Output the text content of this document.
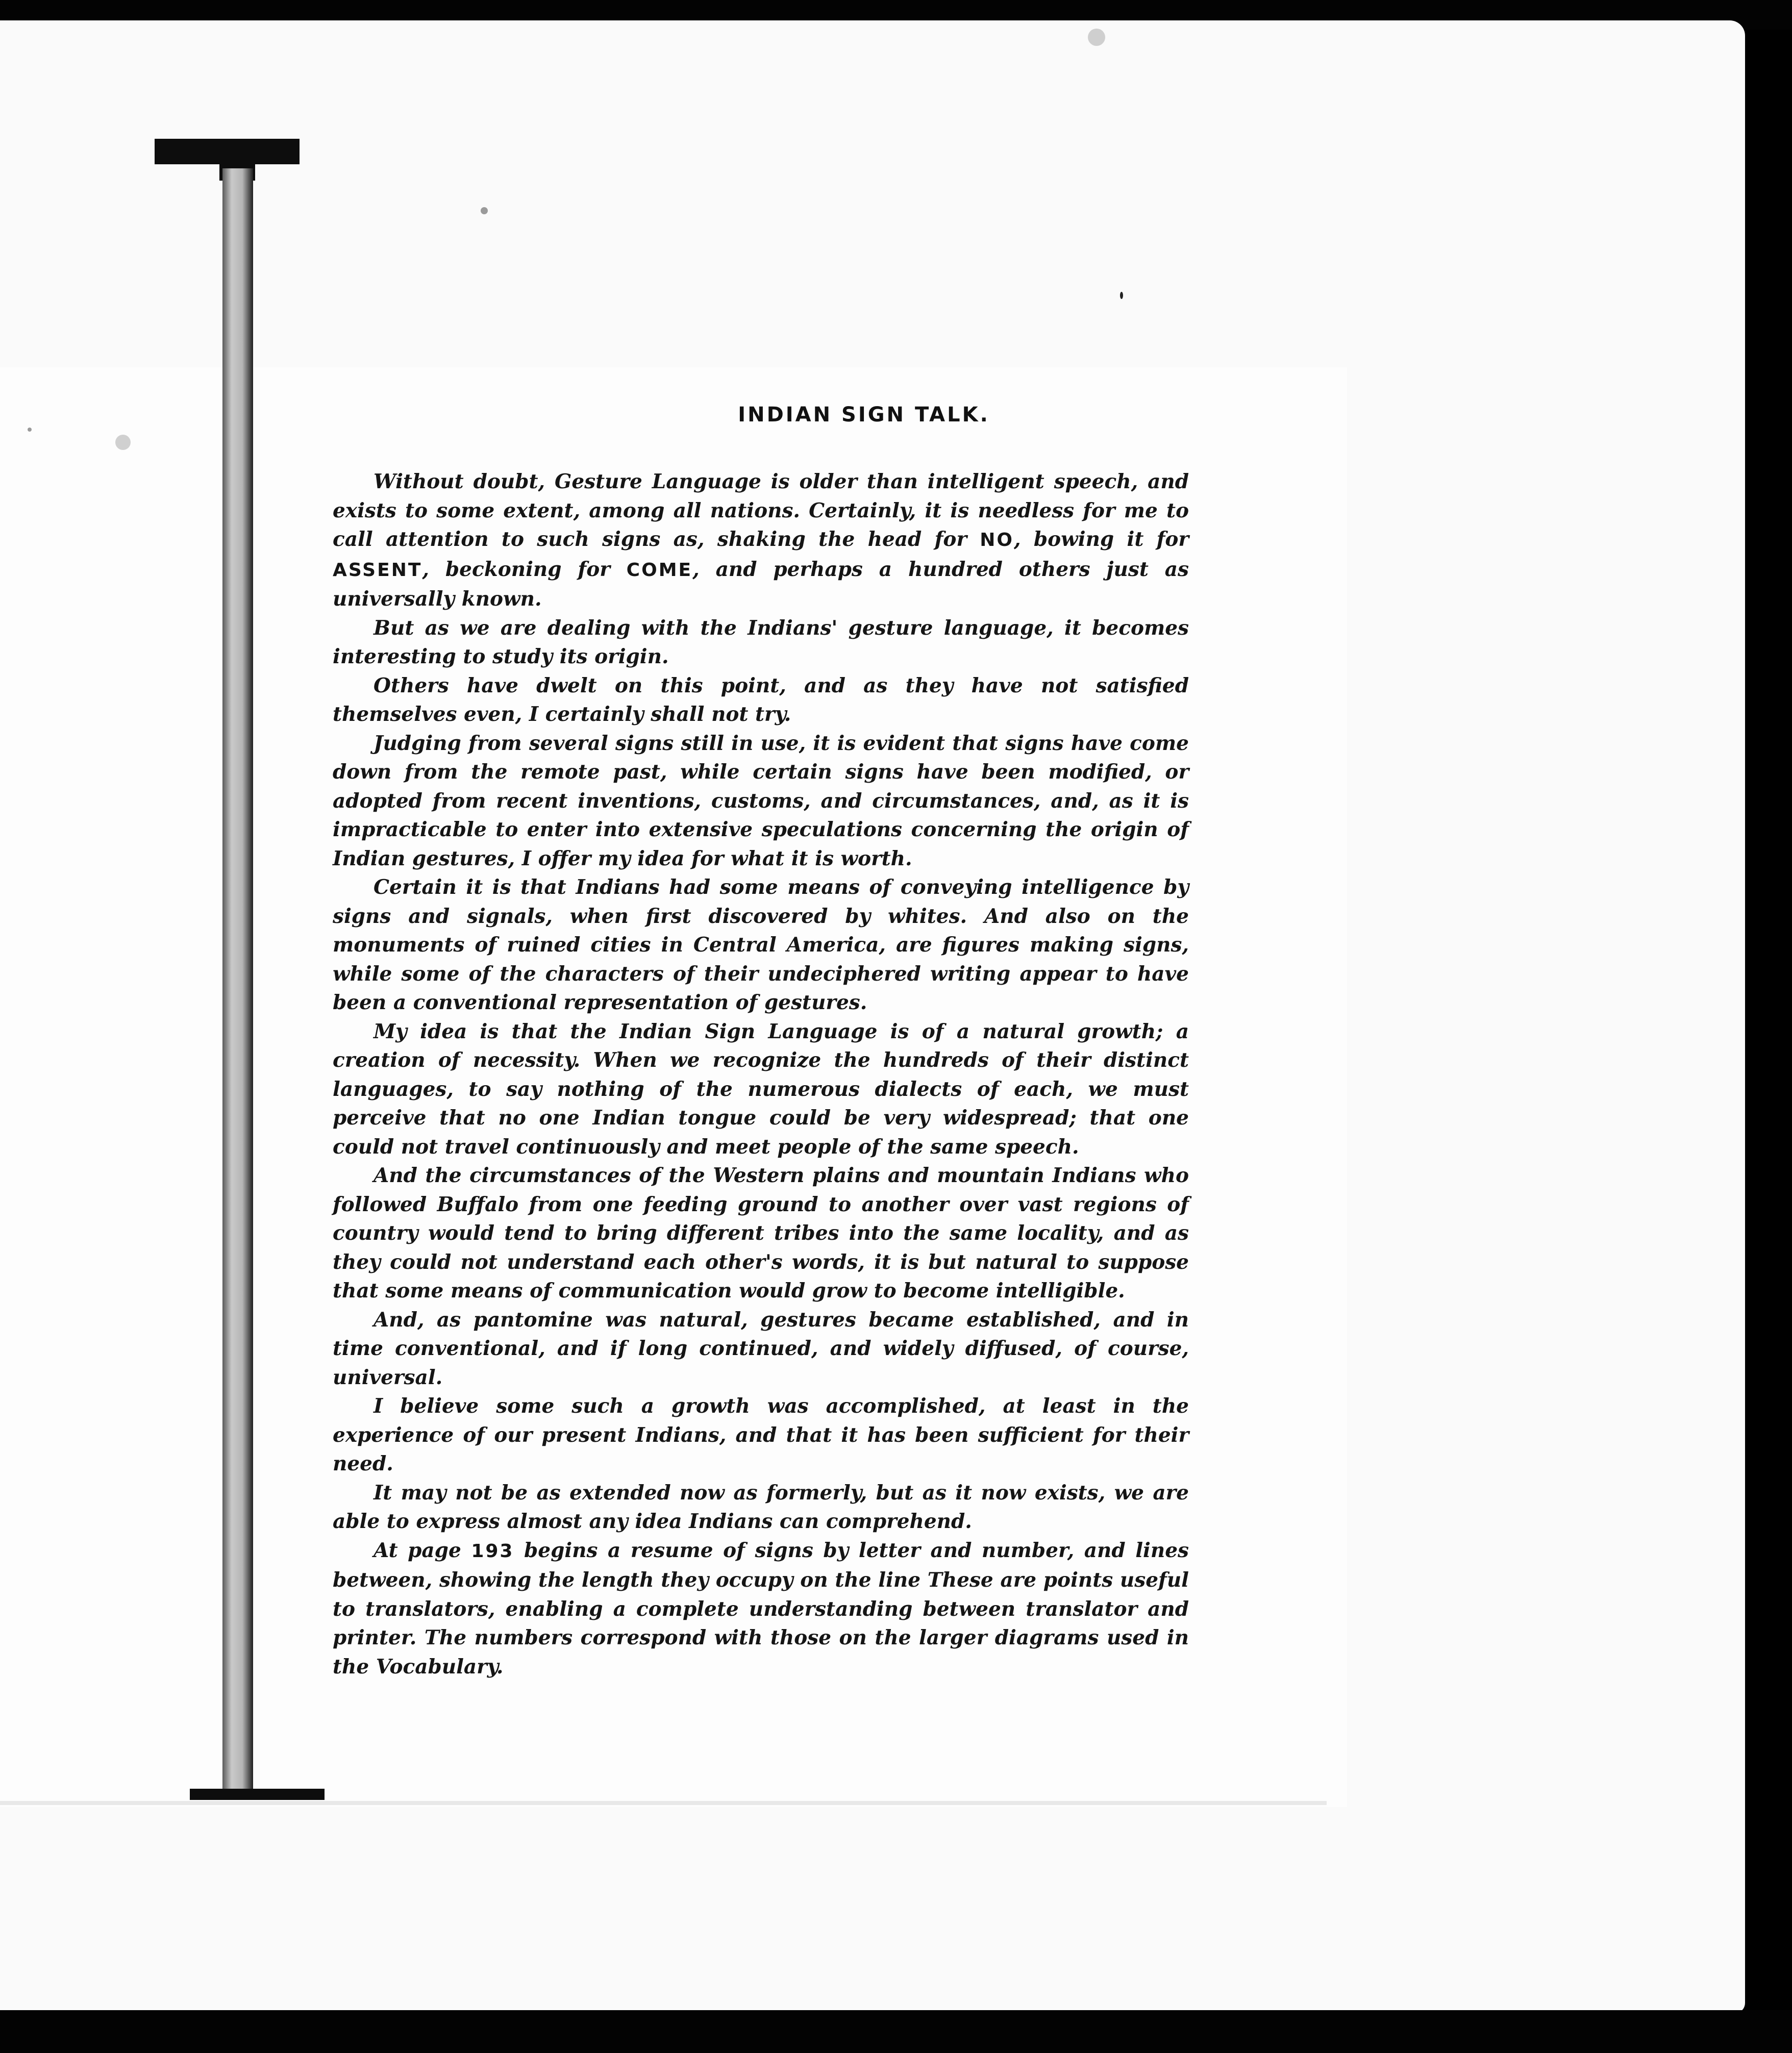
INDIAN SIGN TALK.

Without doubt, Gesture Language is older than intelligent speech, and exists to some extent, among all nations. Certainly, it is needless for me to call attention to such signs as, shaking the head for NO, bowing it for ASSENT, beckoning for COME, and perhaps a hundred others just as universally known.

But as we are dealing with the Indians' gesture language, it becomes interesting to study its origin.

Others have dwelt on this point, and as they have not satisfied themselves even, I certainly shall not try.

Judging from several signs still in use, it is evident that signs have come down from the remote past, while certain signs have been modified, or adopted from recent inventions, customs, and circumstances, and, as it is impracticable to enter into extensive speculations concerning the origin of Indian gestures, I offer my idea for what it is worth.

Certain it is that Indians had some means of conveying intelligence by signs and signals, when first discovered by whites. And also on the monuments of ruined cities in Central America, are figures making signs, while some of the characters of their undeciphered writing appear to have been a conventional representation of gestures.

My idea is that the Indian Sign Language is of a natural growth; a creation of necessity. When we recognize the hundreds of their distinct languages, to say nothing of the numerous dialects of each, we must perceive that no one Indian tongue could be very widespread; that one could not travel continuously and meet people of the same speech.

And the circumstances of the Western plains and mountain Indians who followed Buffalo from one feeding ground to another over vast regions of country would tend to bring different tribes into the same locality, and as they could not understand each other's words, it is but natural to suppose that some means of communication would grow to become intelligible.

And, as pantomine was natural, gestures became established, and in time conventional, and if long continued, and widely diffused, of course, universal.

I believe some such a growth was accomplished, at least in the experience of our present Indians, and that it has been sufficient for their need.

It may not be as extended now as formerly, but as it now exists, we are able to express almost any idea Indians can comprehend.

At page 193 begins a resume of signs by letter and number, and lines between, showing the length they occupy on the line These are points useful to translators, enabling a complete understanding between translator and printer. The numbers correspond with those on the larger diagrams used in the Vocabulary.
